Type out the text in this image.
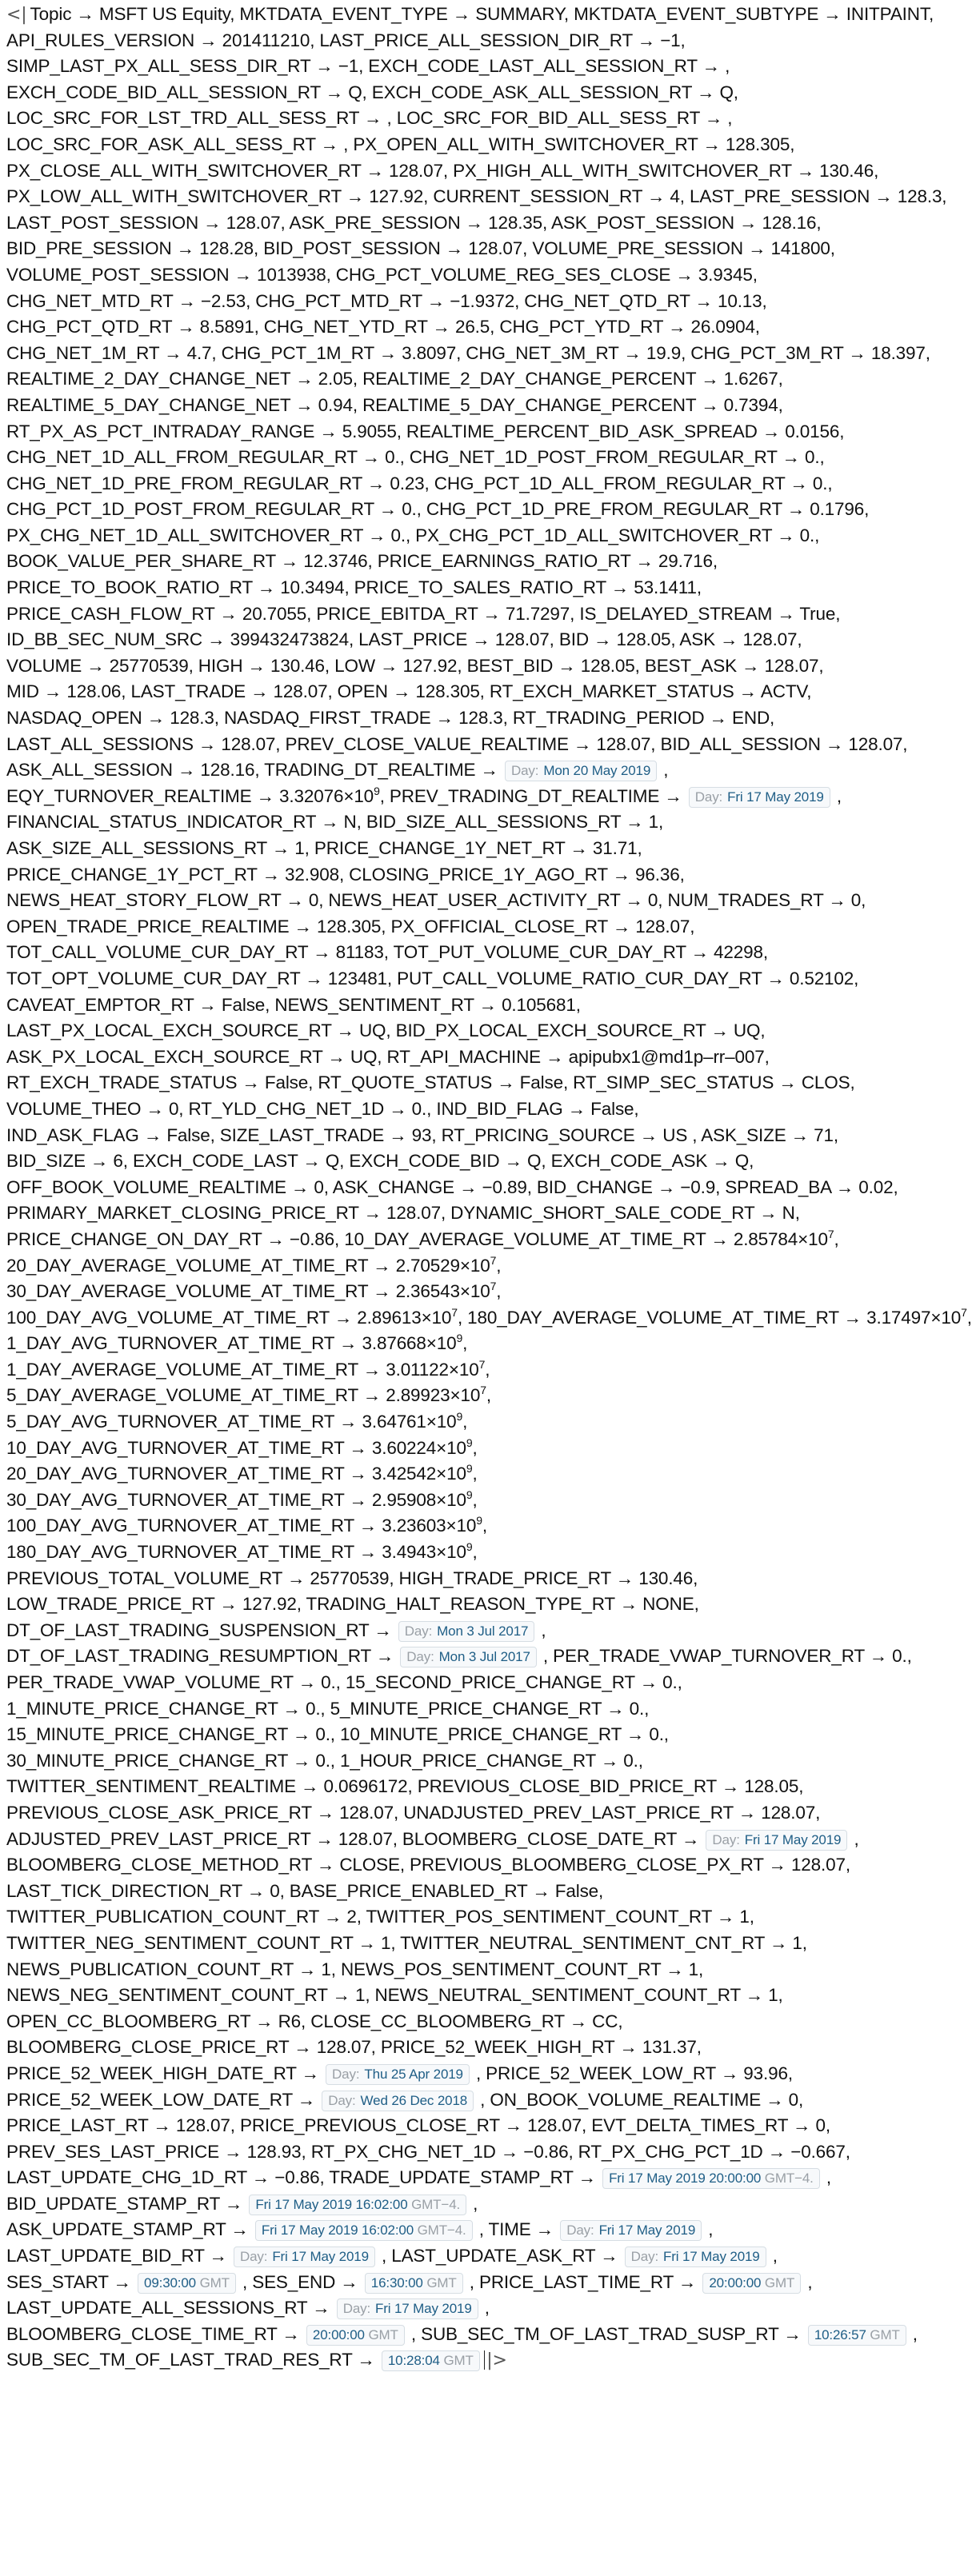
<| Topic → MSFT US Equity, MKTDATA_EVENT_TYPE → SUMMARY, MKTDATA_EVENT_SUBTYPE → INITPAINT,
API_RULES_VERSION → 201411210, LAST_PRICE_ALL_SESSION_DIR_RT → −1,
SIMP_LAST_PX_ALL_SESS_DIR_RT → −1, EXCH_CODE_LAST_ALL_SESSION_RT → ,
EXCH_CODE_BID_ALL_SESSION_RT → Q, EXCH_CODE_ASK_ALL_SESSION_RT → Q,
LOC_SRC_FOR_LST_TRD_ALL_SESS_RT → , LOC_SRC_FOR_BID_ALL_SESS_RT → ,
LOC_SRC_FOR_ASK_ALL_SESS_RT → , PX_OPEN_ALL_WITH_SWITCHOVER_RT → 128.305,
PX_CLOSE_ALL_WITH_SWITCHOVER_RT → 128.07, PX_HIGH_ALL_WITH_SWITCHOVER_RT → 130.46,
PX_LOW_ALL_WITH_SWITCHOVER_RT → 127.92, CURRENT_SESSION_RT → 4, LAST_PRE_SESSION → 128.3,
LAST_POST_SESSION → 128.07, ASK_PRE_SESSION → 128.35, ASK_POST_SESSION → 128.16,
BID_PRE_SESSION → 128.28, BID_POST_SESSION → 128.07, VOLUME_PRE_SESSION → 141800,
VOLUME_POST_SESSION → 1013938, CHG_PCT_VOLUME_REG_SES_CLOSE → 3.9345,
CHG_NET_MTD_RT → −2.53, CHG_PCT_MTD_RT → −1.9372, CHG_NET_QTD_RT → 10.13,
CHG_PCT_QTD_RT → 8.5891, CHG_NET_YTD_RT → 26.5, CHG_PCT_YTD_RT → 26.0904,
CHG_NET_1M_RT → 4.7, CHG_PCT_1M_RT → 3.8097, CHG_NET_3M_RT → 19.9, CHG_PCT_3M_RT → 18.397,
REALTIME_2_DAY_CHANGE_NET → 2.05, REALTIME_2_DAY_CHANGE_PERCENT → 1.6267,
REALTIME_5_DAY_CHANGE_NET → 0.94, REALTIME_5_DAY_CHANGE_PERCENT → 0.7394,
RT_PX_AS_PCT_INTRADAY_RANGE → 5.9055, REALTIME_PERCENT_BID_ASK_SPREAD → 0.0156,
CHG_NET_1D_ALL_FROM_REGULAR_RT → 0., CHG_NET_1D_POST_FROM_REGULAR_RT → 0.,
CHG_NET_1D_PRE_FROM_REGULAR_RT → 0.23, CHG_PCT_1D_ALL_FROM_REGULAR_RT → 0.,
CHG_PCT_1D_POST_FROM_REGULAR_RT → 0., CHG_PCT_1D_PRE_FROM_REGULAR_RT → 0.1796,
PX_CHG_NET_1D_ALL_SWITCHOVER_RT → 0., PX_CHG_PCT_1D_ALL_SWITCHOVER_RT → 0.,
BOOK_VALUE_PER_SHARE_RT → 12.3746, PRICE_EARNINGS_RATIO_RT → 29.716,
PRICE_TO_BOOK_RATIO_RT → 10.3494, PRICE_TO_SALES_RATIO_RT → 53.1411,
PRICE_CASH_FLOW_RT → 20.7055, PRICE_EBITDA_RT → 71.7297, IS_DELAYED_STREAM → True,
ID_BB_SEC_NUM_SRC → 399432473824, LAST_PRICE → 128.07, BID → 128.05, ASK → 128.07,
VOLUME → 25770539, HIGH → 130.46, LOW → 127.92, BEST_BID → 128.05, BEST_ASK → 128.07,
MID → 128.06, LAST_TRADE → 128.07, OPEN → 128.305, RT_EXCH_MARKET_STATUS → ACTV,
NASDAQ_OPEN → 128.3, NASDAQ_FIRST_TRADE → 128.3, RT_TRADING_PERIOD → END,
LAST_ALL_SESSIONS → 128.07, PREV_CLOSE_VALUE_REALTIME → 128.07, BID_ALL_SESSION → 128.07,
ASK_ALL_SESSION → 128.16, TRADING_DT_REALTIME → Day: Mon 20 May 2019 ,
EQY_TURNOVER_REALTIME → $3.32076\times 10^9$, PREV_TRADING_DT_REALTIME → Day: Fri 17 May 2019 ,
FINANCIAL_STATUS_INDICATOR_RT → N, BID_SIZE_ALL_SESSIONS_RT → 1,
ASK_SIZE_ALL_SESSIONS_RT → 1, PRICE_CHANGE_1Y_NET_RT → 31.71,
PRICE_CHANGE_1Y_PCT_RT → 32.908, CLOSING_PRICE_1Y_AGO_RT → 96.36,
NEWS_HEAT_STORY_FLOW_RT → 0, NEWS_HEAT_USER_ACTIVITY_RT → 0, NUM_TRADES_RT → 0,
OPEN_TRADE_PRICE_REALTIME → 128.305, PX_OFFICIAL_CLOSE_RT → 128.07,
TOT_CALL_VOLUME_CUR_DAY_RT → 81183, TOT_PUT_VOLUME_CUR_DAY_RT → 42298,
TOT_OPT_VOLUME_CUR_DAY_RT → 123481, PUT_CALL_VOLUME_RATIO_CUR_DAY_RT → 0.52102,
CAVEAT_EMPTOR_RT → False, NEWS_SENTIMENT_RT → 0.105681,
LAST_PX_LOCAL_EXCH_SOURCE_RT → UQ, BID_PX_LOCAL_EXCH_SOURCE_RT → UQ,
ASK_PX_LOCAL_EXCH_SOURCE_RT → UQ, RT_API_MACHINE → apipubx1@md1p–rr–007,
RT_EXCH_TRADE_STATUS → False, RT_QUOTE_STATUS → False, RT_SIMP_SEC_STATUS → CLOS,
VOLUME_THEO → 0, RT_YLD_CHG_NET_1D → 0., IND_BID_FLAG → False,
IND_ASK_FLAG → False, SIZE_LAST_TRADE → 93, RT_PRICING_SOURCE → US , ASK_SIZE → 71,
BID_SIZE → 6, EXCH_CODE_LAST → Q, EXCH_CODE_BID → Q, EXCH_CODE_ASK → Q,
OFF_BOOK_VOLUME_REALTIME → 0, ASK_CHANGE → −0.89, BID_CHANGE → −0.9, SPREAD_BA → 0.02,
PRIMARY_MARKET_CLOSING_PRICE_RT → 128.07, DYNAMIC_SHORT_SALE_CODE_RT → N,
PRICE_CHANGE_ON_DAY_RT → −0.86, 10_DAY_AVERAGE_VOLUME_AT_TIME_RT → $2.85784\times 10^7$,
20_DAY_AVERAGE_VOLUME_AT_TIME_RT → $2.70529\times 10^7$,
30_DAY_AVERAGE_VOLUME_AT_TIME_RT → $2.36543\times 10^7$,
100_DAY_AVG_VOLUME_AT_TIME_RT → $2.89613\times 10^7$, 180_DAY_AVERAGE_VOLUME_AT_TIME_RT → $3.17497\times 10^7$,
1_DAY_AVG_TURNOVER_AT_TIME_RT → $3.87668\times 10^9$,
1_DAY_AVERAGE_VOLUME_AT_TIME_RT → $3.01122\times 10^7$,
5_DAY_AVERAGE_VOLUME_AT_TIME_RT → $2.89923\times 10^7$,
5_DAY_AVG_TURNOVER_AT_TIME_RT → $3.64761\times 10^9$,
10_DAY_AVG_TURNOVER_AT_TIME_RT → $3.60224\times 10^9$,
20_DAY_AVG_TURNOVER_AT_TIME_RT → $3.42542\times 10^9$,
30_DAY_AVG_TURNOVER_AT_TIME_RT → $2.95908\times 10^9$,
100_DAY_AVG_TURNOVER_AT_TIME_RT → $3.23603\times 10^9$,
180_DAY_AVG_TURNOVER_AT_TIME_RT → $3.4943\times 10^9$,
PREVIOUS_TOTAL_VOLUME_RT → 25770539, HIGH_TRADE_PRICE_RT → 130.46,
LOW_TRADE_PRICE_RT → 127.92, TRADING_HALT_REASON_TYPE_RT → NONE,
DT_OF_LAST_TRADING_SUSPENSION_RT → Day: Mon 3 Jul 2017 ,
DT_OF_LAST_TRADING_RESUMPTION_RT → Day: Mon 3 Jul 2017 , PER_TRADE_VWAP_TURNOVER_RT → 0.,
PER_TRADE_VWAP_VOLUME_RT → 0., 15_SECOND_PRICE_CHANGE_RT → 0.,
1_MINUTE_PRICE_CHANGE_RT → 0., 5_MINUTE_PRICE_CHANGE_RT → 0.,
15_MINUTE_PRICE_CHANGE_RT → 0., 10_MINUTE_PRICE_CHANGE_RT → 0.,
30_MINUTE_PRICE_CHANGE_RT → 0., 1_HOUR_PRICE_CHANGE_RT → 0.,
TWITTER_SENTIMENT_REALTIME → 0.0696172, PREVIOUS_CLOSE_BID_PRICE_RT → 128.05,
PREVIOUS_CLOSE_ASK_PRICE_RT → 128.07, UNADJUSTED_PREV_LAST_PRICE_RT → 128.07,
ADJUSTED_PREV_LAST_PRICE_RT → 128.07, BLOOMBERG_CLOSE_DATE_RT → Day: Fri 17 May 2019 ,
BLOOMBERG_CLOSE_METHOD_RT → CLOSE, PREVIOUS_BLOOMBERG_CLOSE_PX_RT → 128.07,
LAST_TICK_DIRECTION_RT → 0, BASE_PRICE_ENABLED_RT → False,
TWITTER_PUBLICATION_COUNT_RT → 2, TWITTER_POS_SENTIMENT_COUNT_RT → 1,
TWITTER_NEG_SENTIMENT_COUNT_RT → 1, TWITTER_NEUTRAL_SENTIMENT_CNT_RT → 1,
NEWS_PUBLICATION_COUNT_RT → 1, NEWS_POS_SENTIMENT_COUNT_RT → 1,
NEWS_NEG_SENTIMENT_COUNT_RT → 1, NEWS_NEUTRAL_SENTIMENT_COUNT_RT → 1,
OPEN_CC_BLOOMBERG_RT → R6, CLOSE_CC_BLOOMBERG_RT → CC,
BLOOMBERG_CLOSE_PRICE_RT → 128.07, PRICE_52_WEEK_HIGH_RT → 131.37,
PRICE_52_WEEK_HIGH_DATE_RT → Day: Thu 25 Apr 2019 , PRICE_52_WEEK_LOW_RT → 93.96,
PRICE_52_WEEK_LOW_DATE_RT → Day: Wed 26 Dec 2018 , ON_BOOK_VOLUME_REALTIME → 0,
PRICE_LAST_RT → 128.07, PRICE_PREVIOUS_CLOSE_RT → 128.07, EVT_DELTA_TIMES_RT → 0,
PREV_SES_LAST_PRICE → 128.93, RT_PX_CHG_NET_1D → −0.86, RT_PX_CHG_PCT_1D → −0.667,
LAST_UPDATE_CHG_1D_RT → −0.86, TRADE_UPDATE_STAMP_RT → Fri 17 May 2019 20:00:00 GMT−4. ,
BID_UPDATE_STAMP_RT → Fri 17 May 2019 16:02:00 GMT−4. ,
ASK_UPDATE_STAMP_RT → Fri 17 May 2019 16:02:00 GMT−4. , TIME → Day: Fri 17 May 2019 ,
LAST_UPDATE_BID_RT → Day: Fri 17 May 2019 , LAST_UPDATE_ASK_RT → Day: Fri 17 May 2019 ,
SES_START → 09:30:00 GMT , SES_END → 16:30:00 GMT , PRICE_LAST_TIME_RT → 20:00:00 GMT ,
LAST_UPDATE_ALL_SESSIONS_RT → Day: Fri 17 May 2019 ,
BLOOMBERG_CLOSE_TIME_RT → 20:00:00 GMT , SUB_SEC_TM_OF_LAST_TRAD_SUSP_RT → 10:26:57 GMT ,
SUB_SEC_TM_OF_LAST_TRAD_RES_RT → 10:28:04 GMT |>
